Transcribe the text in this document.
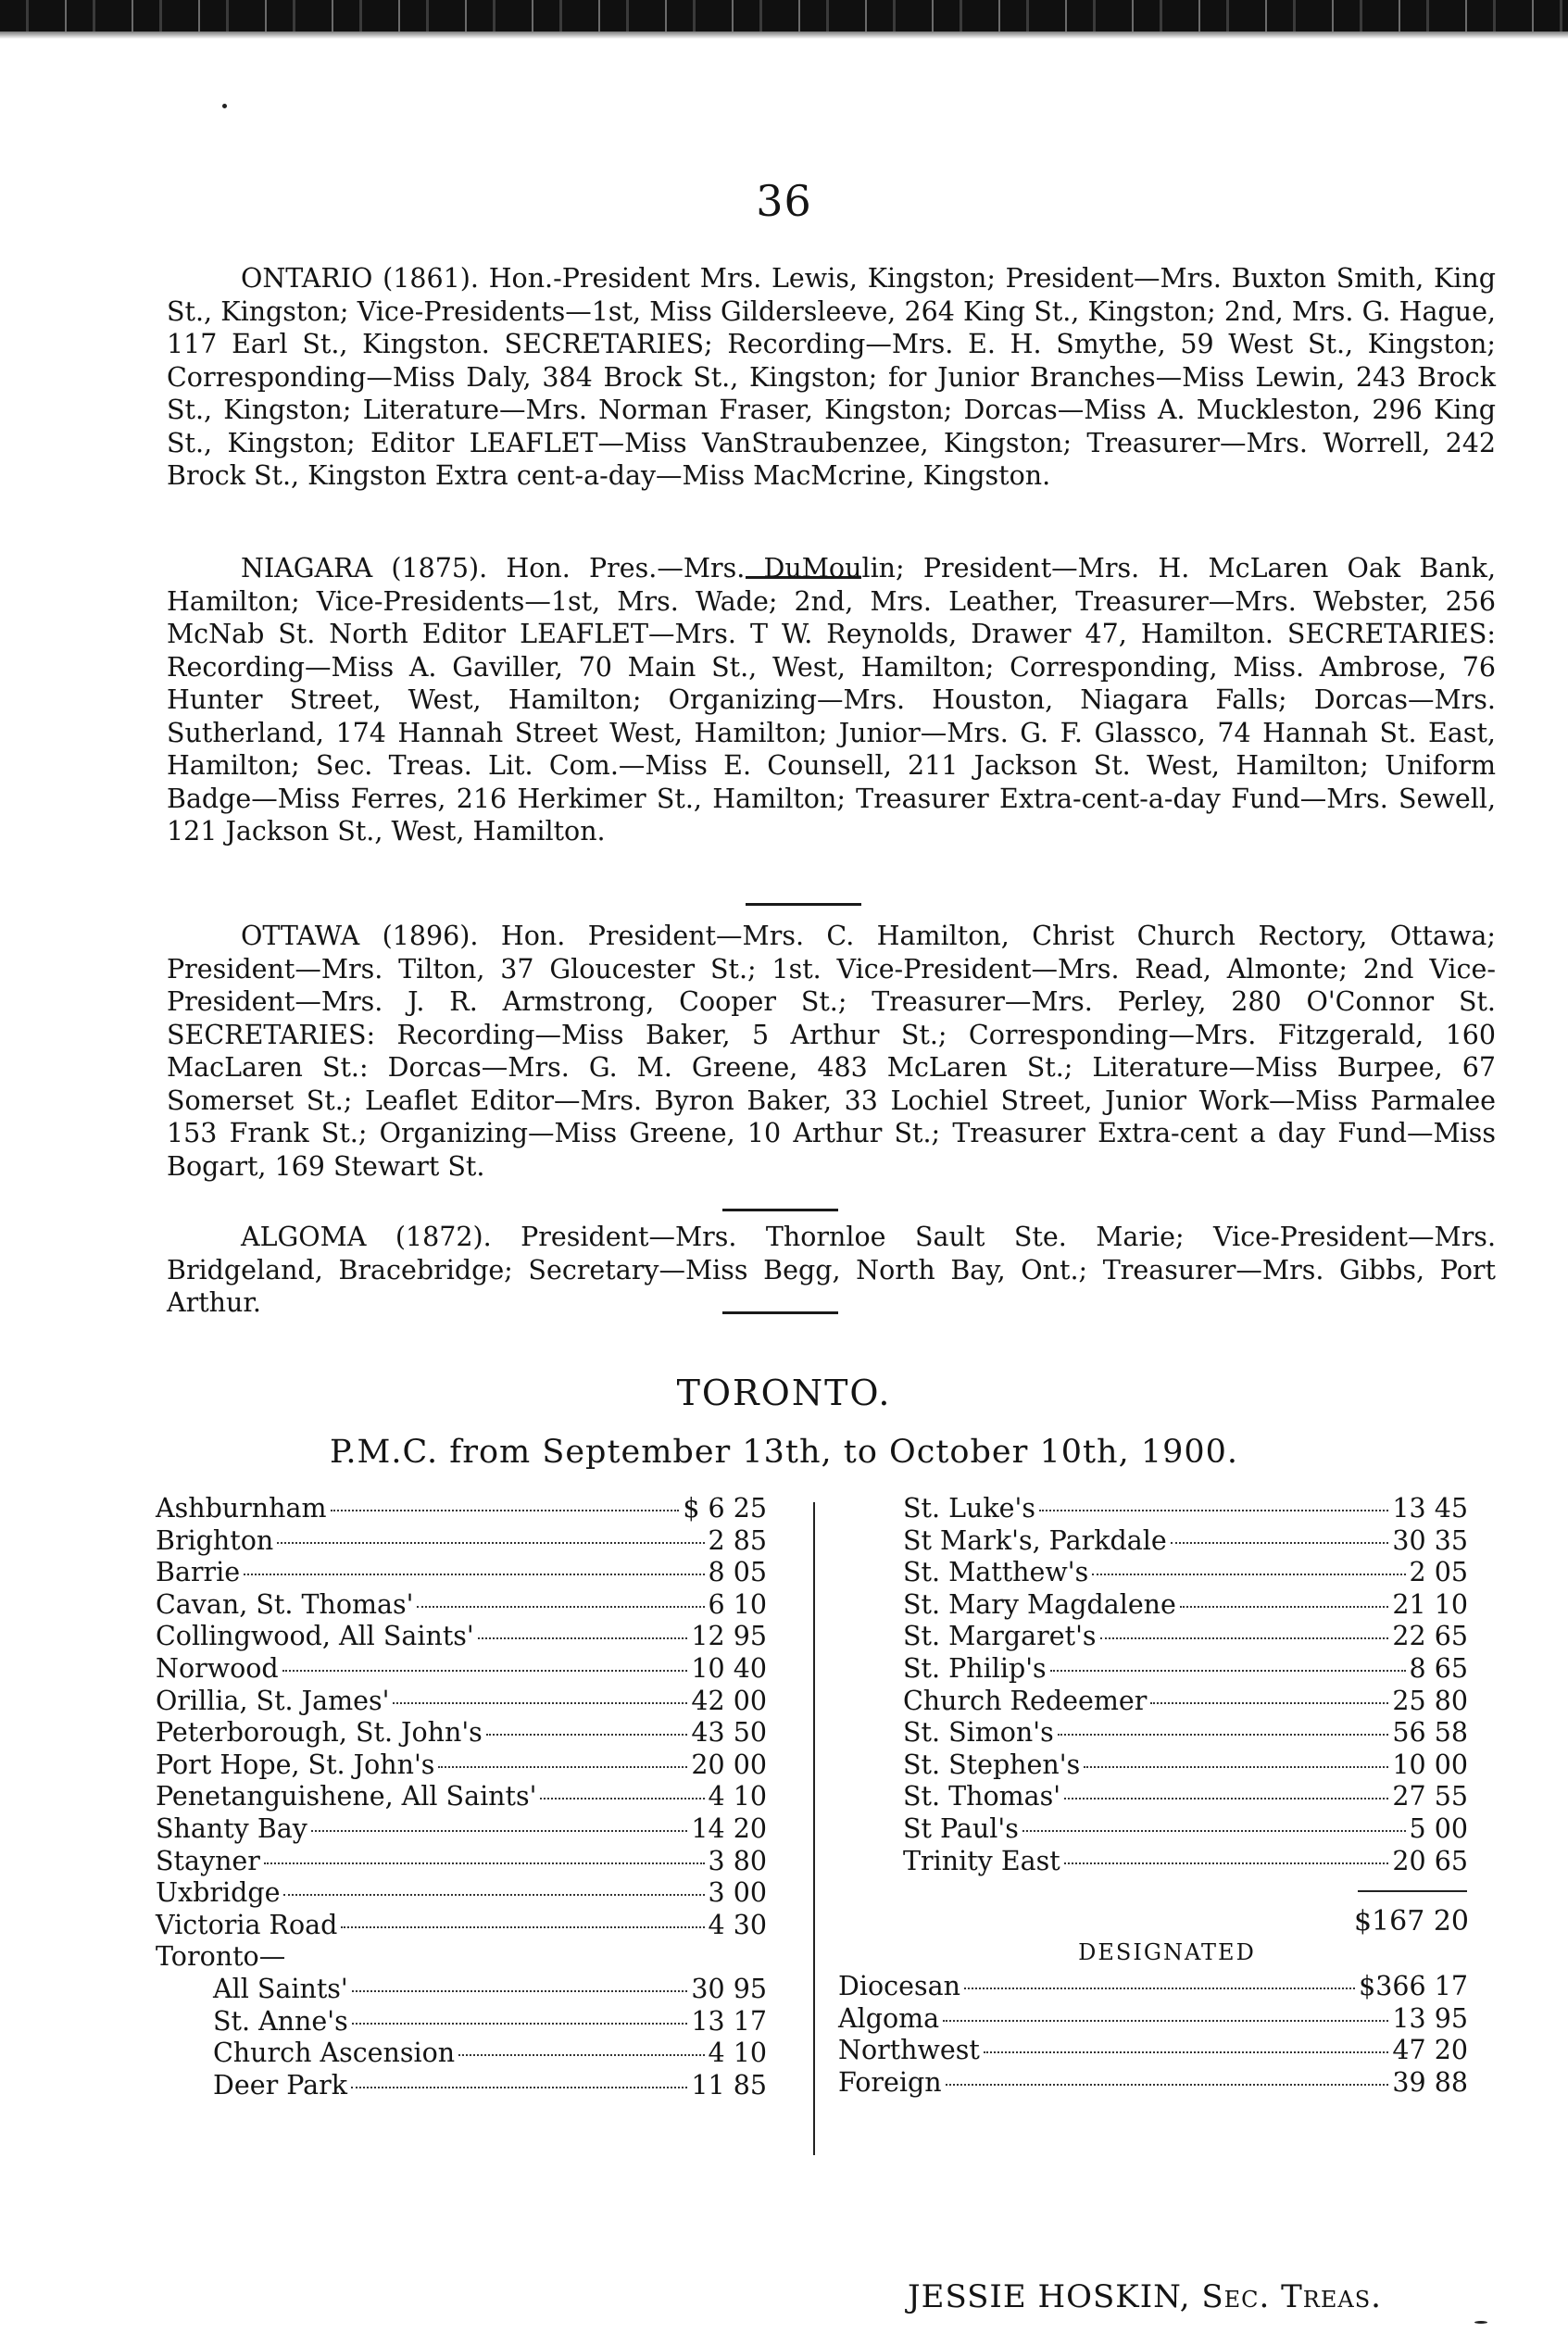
36

ONTARIO (1861). Hon.-President Mrs. Lewis, Kingston; President—Mrs. Buxton Smith, King St., Kingston; Vice-Presidents—1st, Miss Gildersleeve, 264 King St., Kingston; 2nd, Mrs. G. Hague, 117 Earl St., Kingston. SECRETARIES; Recording—Mrs. E. H. Smythe, 59 West St., Kingston; Corresponding—Miss Daly, 384 Brock St., Kingston; for Junior Branches—Miss Lewin, 243 Brock St., Kingston; Literature—Mrs. Norman Fraser, Kingston; Dorcas—Miss A. Muckleston, 296 King St., Kingston; Editor LEAFLET—Miss VanStraubenzee, Kingston; Treasurer—Mrs. Worrell, 242 Brock St., Kingston Extra cent-a-day—Miss MacMcrine, Kingston.

NIAGARA (1875). Hon. Pres.—Mrs. DuMoulin; President—Mrs. H. McLaren Oak Bank, Hamilton; Vice-Presidents—1st, Mrs. Wade; 2nd, Mrs. Leather, Treasurer—Mrs. Webster, 256 McNab St. North Editor LEAFLET—Mrs. T W. Reynolds, Drawer 47, Hamilton. SECRETARIES: Recording—Miss A. Gaviller, 70 Main St., West, Hamilton; Corresponding, Miss. Ambrose, 76 Hunter Street, West, Hamilton; Organizing—Mrs. Houston, Niagara Falls; Dorcas—Mrs. Sutherland, 174 Hannah Street West, Hamilton; Junior—Mrs. G. F. Glassco, 74 Hannah St. East, Hamilton; Sec. Treas. Lit. Com.—Miss E. Counsell, 211 Jackson St. West, Hamilton; Uniform Badge—Miss Ferres, 216 Herkimer St., Hamilton; Treasurer Extra-cent-a-day Fund—Mrs. Sewell, 121 Jackson St., West, Hamilton.

OTTAWA (1896). Hon. President—Mrs. C. Hamilton, Christ Church Rectory, Ottawa; President—Mrs. Tilton, 37 Gloucester St.; 1st. Vice-President—Mrs. Read, Almonte; 2nd Vice-President—Mrs. J. R. Armstrong, Cooper St.; Treasurer—Mrs. Perley, 280 O'Connor St. SECRETARIES: Recording—Miss Baker, 5 Arthur St.; Corresponding—Mrs. Fitzgerald, 160 MacLaren St.: Dorcas—Mrs. G. M. Greene, 483 McLaren St.; Literature—Miss Burpee, 67 Somerset St.; Leaflet Editor—Mrs. Byron Baker, 33 Lochiel Street, Junior Work—Miss Parmalee 153 Frank St.; Organizing—Miss Greene, 10 Arthur St.; Treasurer Extra-cent a day Fund—Miss Bogart, 169 Stewart St.

ALGOMA (1872). President—Mrs. Thornloe Sault Ste. Marie; Vice-President—Mrs. Bridgeland, Bracebridge; Secretary—Miss Begg, North Bay, Ont.; Treasurer—Mrs. Gibbs, Port Arthur.

TORONTO.
P.M.C. from September 13th, to October 10th, 1900.
Ashburnham	$ 6 25
Brighton	2 85
Barrie	8 05
Cavan, St. Thomas'	6 10
Collingwood, All Saints'	12 95
Norwood	10 40
Orillia, St. James'	42 00
Peterborough, St. John's	43 50
Port Hope, St. John's	20 00
Penetanguishene, All Saints'	4 10
Shanty Bay	14 20
Stayner	3 80
Uxbridge	3 00
Victoria Road	4 30
Toronto—
All Saints'	30 95
St. Anne's	13 17
Church Ascension	4 10
Deer Park	11 85
St. Luke's	13 45
St Mark's, Parkdale	30 35
St. Matthew's	2 05
St. Mary Magdalene	21 10
St. Margaret's	22 65
St. Philip's	8 65
Church Redeemer	25 80
St. Simon's	56 58
St. Stephen's	10 00
St. Thomas'	27 55
St Paul's	5 00
Trinity East	20 65
$167 20
DESIGNATED
Diocesan	$366 17
Algoma	13 95
Northwest	47 20
Foreign	39 88
JESSIE HOSKIN, Sec. Treas.
